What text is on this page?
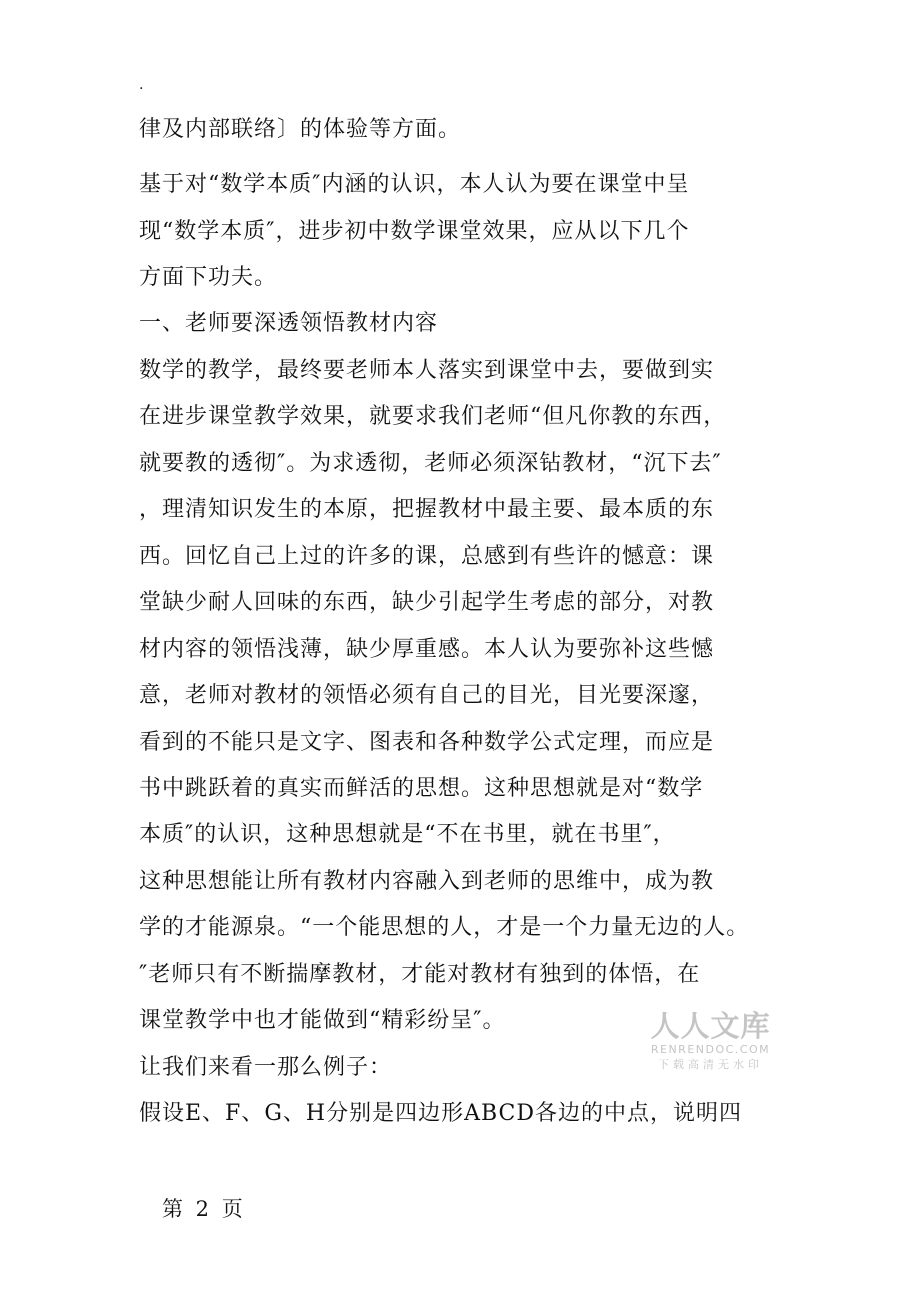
.
律及内部联络〕的体验等方面。
基于对“数学本质″内涵的认识，本人认为要在课堂中呈
现“数学本质″，进步初中数学课堂效果，应从以下几个
方面下功夫。
一、老师要深透领悟教材内容
数学的教学，最终要老师本人落实到课堂中去，要做到实
在进步课堂教学效果，就要求我们老师“但凡你教的东西，
就要教的透彻″。为求透彻，老师必须深钻教材，“沉下去″
，理清知识发生的本原，把握教材中最主要、最本质的东
西。回忆自己上过的许多的课，总感到有些许的憾意：课
堂缺少耐人回味的东西，缺少引起学生考虑的部分，对教
材内容的领悟浅薄，缺少厚重感。本人认为要弥补这些憾
意，老师对教材的领悟必须有自己的目光，目光要深邃，
看到的不能只是文字、图表和各种数学公式定理，而应是
书中跳跃着的真实而鲜活的思想。这种思想就是对“数学
本质″的认识，这种思想就是“不在书里，就在书里″，
这种思想能让所有教材内容融入到老师的思维中，成为教
学的才能源泉。“一个能思想的人，才是一个力量无边的人。
″老师只有不断揣摩教材，才能对教材有独到的体悟，在
课堂教学中也才能做到“精彩纷呈″。
让我们来看一那么例子：
假设E、F、G、H分别是四边形ABCD各边的中点，说明四
第 2 页
人人文库
RENRENDOC.COM
下载高清无水印
